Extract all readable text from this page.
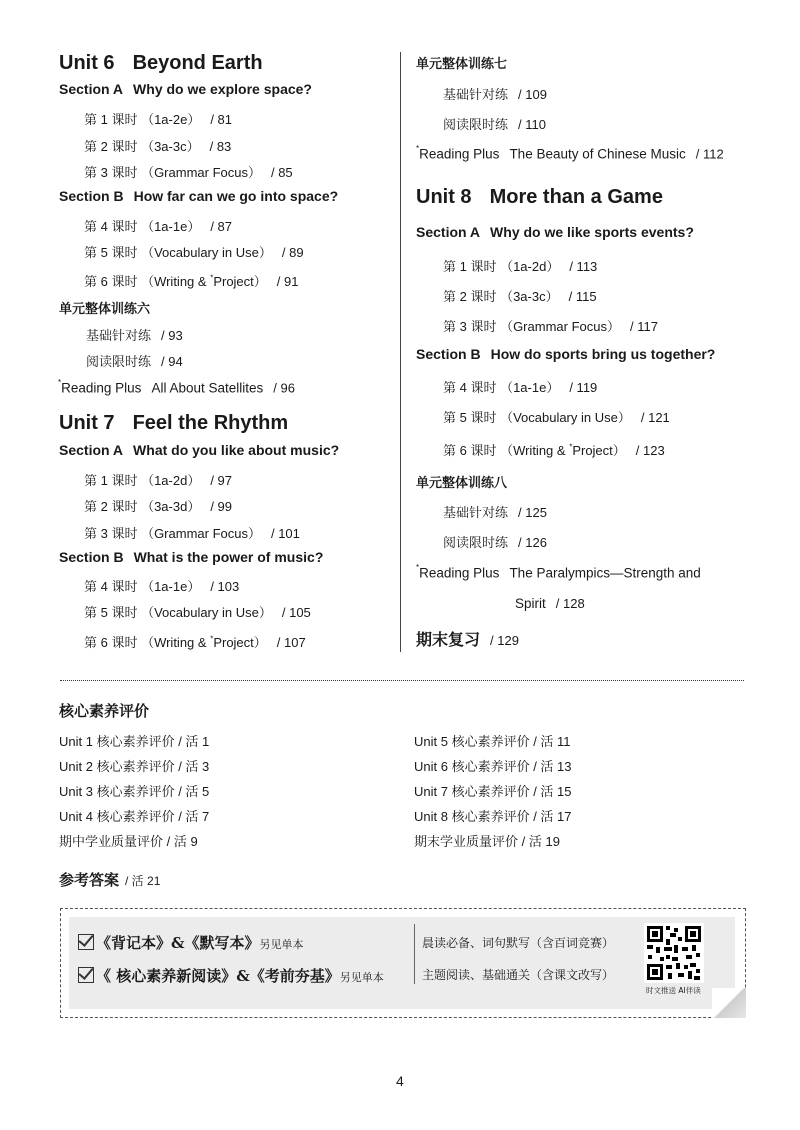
Unit 6 Beyond Earth
Section A Why do we explore space?
第 1 课时 （1a-2e） / 81
第 2 课时 （3a-3c） / 83
第 3 课时 （Grammar Focus） / 85
Section B How far can we go into space?
第 4 课时 （1a-1e） / 87
第 5 课时 （Vocabulary in Use） / 89
第 6 课时 （Writing & *Project） / 91
单元整体训练六
基础针对练 / 93
阅读限时练 / 94
*Reading Plus All About Satellites / 96
Unit 7 Feel the Rhythm
Section A What do you like about music?
第 1 课时 （1a-2d） / 97
第 2 课时 （3a-3d） / 99
第 3 课时 （Grammar Focus） / 101
Section B What is the power of music?
第 4 课时 （1a-1e） / 103
第 5 课时 （Vocabulary in Use） / 105
第 6 课时 （Writing & *Project） / 107
单元整体训练七
基础针对练 / 109
阅读限时练 / 110
*Reading Plus The Beauty of Chinese Music / 112
Unit 8 More than a Game
Section A Why do we like sports events?
第 1 课时 （1a-2d） / 113
第 2 课时 （3a-3c） / 115
第 3 课时 （Grammar Focus） / 117
Section B How do sports bring us together?
第 4 课时 （1a-1e） / 119
第 5 课时 （Vocabulary in Use） / 121
第 6 课时 （Writing & *Project） / 123
单元整体训练八
基础针对练 / 125
阅读限时练 / 126
*Reading Plus The Paralympics—Strength and
Spirit / 128
期末复习 / 129
核心素养评价
Unit 1 核心素养评价 / 活 1
Unit 2 核心素养评价 / 活 3
Unit 3 核心素养评价 / 活 5
Unit 4 核心素养评价 / 活 7
期中学业质量评价 / 活 9
Unit 5 核心素养评价 / 活 11
Unit 6 核心素养评价 / 活 13
Unit 7 核心素养评价 / 活 15
Unit 8 核心素养评价 / 活 17
期末学业质量评价 / 活 19
参考答案 / 活 21
《背记本》&《默写本》另见单本
《 核心素养新阅读》&《考前夯基》另见单本
晨读必备、词句默写（含百词竞赛）
主题阅读、基础通关（含课文改写）
时文推送 AI伴读
4
